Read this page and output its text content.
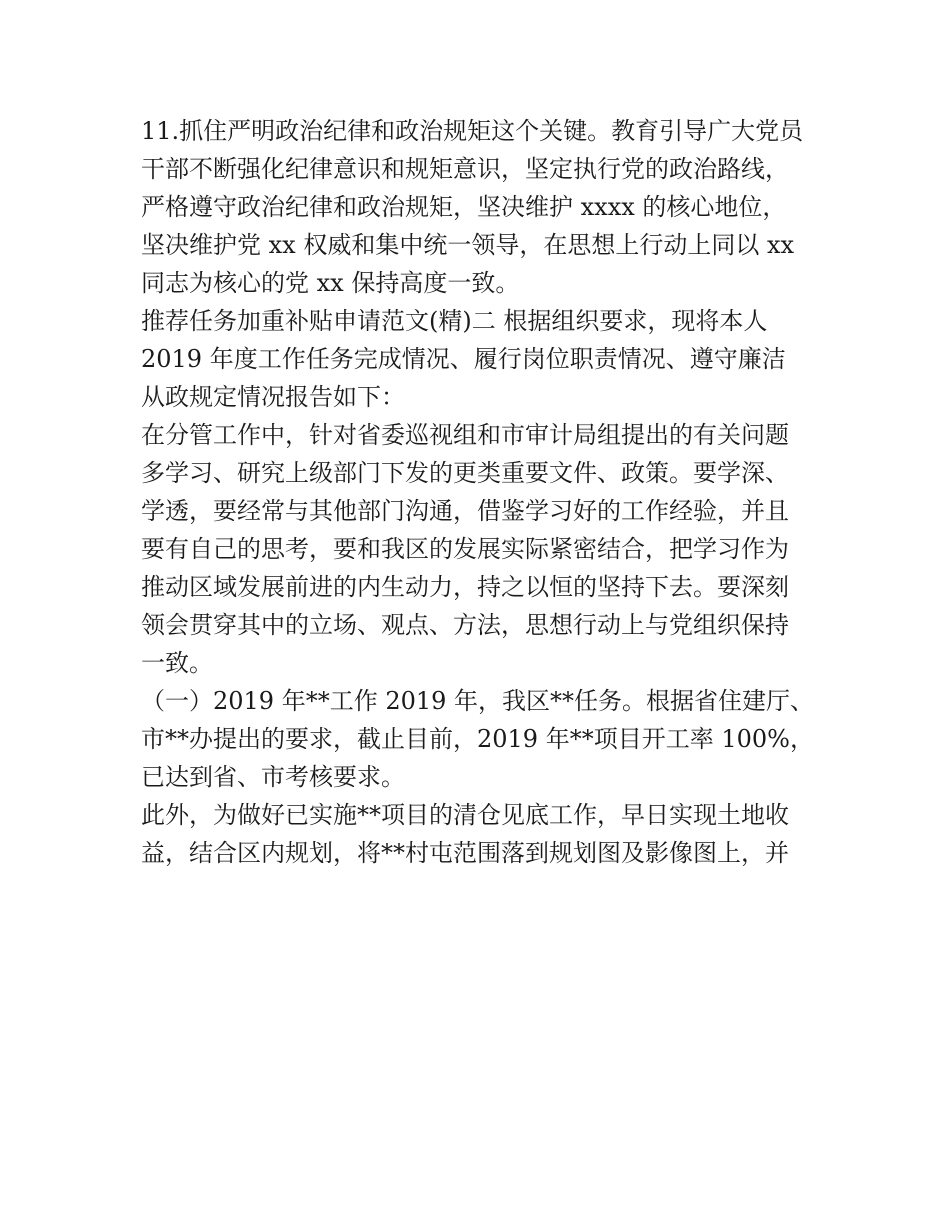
11.抓住严明政治纪律和政治规矩这个关键。教育引导广大党员

干部不断强化纪律意识和规矩意识，坚定执行党的政治路线，

严格遵守政治纪律和政治规矩，坚决维护 xxxx 的核心地位，

坚决维护党 xx 权威和集中统一领导，在思想上行动上同以 xx

同志为核心的党 xx 保持高度一致。

推荐任务加重补贴申请范文(精)二 根据组织要求，现将本人

2019 年度工作任务完成情况、履行岗位职责情况、遵守廉洁

从政规定情况报告如下：

在分管工作中，针对省委巡视组和市审计局组提出的有关问题

多学习、研究上级部门下发的更类重要文件、政策。要学深、

学透，要经常与其他部门沟通，借鉴学习好的工作经验，并且

要有自己的思考，要和我区的发展实际紧密结合，把学习作为

推动区域发展前进的内生动力，持之以恒的坚持下去。要深刻

领会贯穿其中的立场、观点、方法，思想行动上与党组织保持

一致。

（一）2019 年**工作 2019 年，我区**任务。根据省住建厅、

市**办提出的要求，截止目前，2019 年**项目开工率 100%，

已达到省、市考核要求。

此外，为做好已实施**项目的清仓见底工作，早日实现土地收

益，结合区内规划，将**村屯范围落到规划图及影像图上，并
